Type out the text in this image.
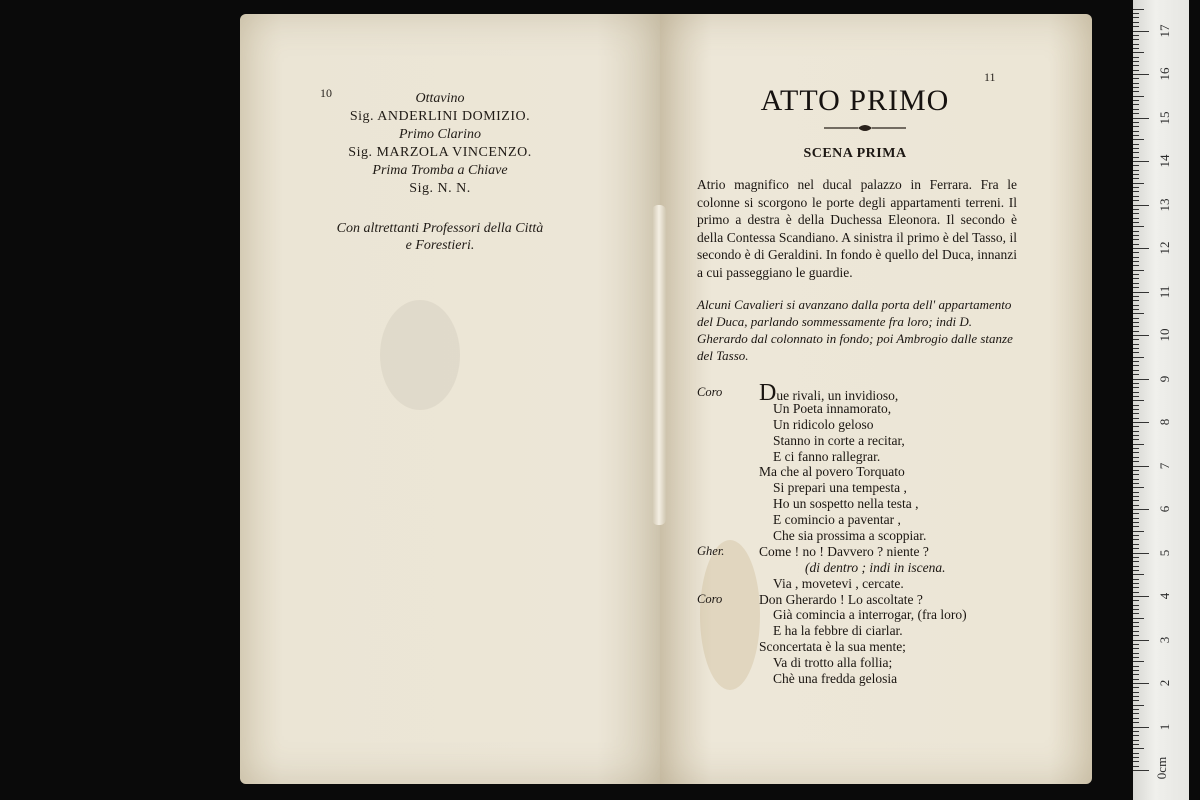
10	Ottavino
Sig. ANDERLINI DOMIZIO.
Primo Clarino
Sig. MARZOLA VINCENZO.
Prima Tromba a Chiave
Sig. N. N.
Con altrettanti Professori della Città
e Forestieri.
11
ATTO PRIMO
SCENA PRIMA
Atrio magnifico nel ducal palazzo in Ferrara. Fra le colonne si scorgono le porte degli appartamenti terreni. Il primo a destra è della Duchessa Eleonora. Il secondo è della Contessa Scandiano. A sinistra il primo è del Tasso, il secondo è di Geraldini. In fondo è quello del Duca, innanzi a cui passeggiano le guardie.
Alcuni Cavalieri si avanzano dalla porta dell' appartamento del Duca, parlando sommessamente fra loro; indi D. Gherardo dal colonnato in fondo; poi Ambrogio dalle stanze del Tasso.
Coro Due rivali, un invidioso,
Un Poeta innamorato,
Un ridicolo geloso
Stanno in corte a recitar,
E ci fanno rallegrar.
Ma che al povero Torquato
Si prepari una tempesta ,
Ho un sospetto nella testa ,
E comincio a paventar ,
Che sia prossima a scoppiar.
Gher.	Come ! no ! Davvero ? niente ?
(di dentro ; indi in iscena.
Via , movetevi , cercate.
Coro	Don Gherardo ! Lo ascoltate ?
Già comincia a interrogar, (fra loro)
E ha la febbre di ciarlar.
Sconcertata è la sua mente;
Va di trotto alla follia;
Chè una fredda gelosia
0cm
1
2
3
4
5
6
7
8
9
10
11
12
13
14
15
16
17
